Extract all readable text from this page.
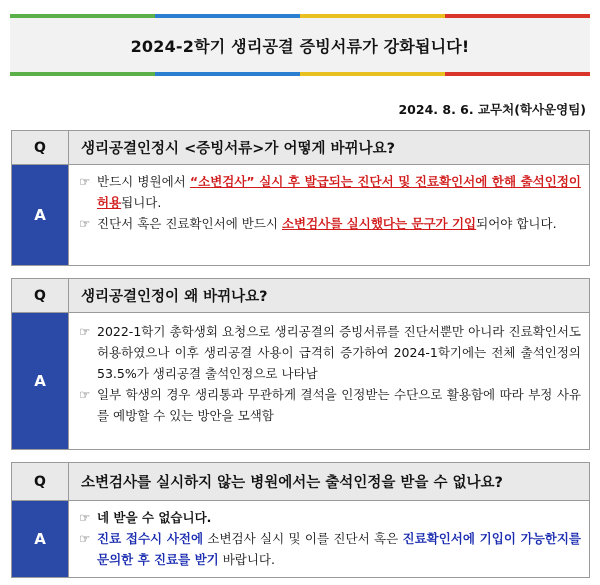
2024-2학기 생리공결 증빙서류가 강화됩니다!
2024. 8. 6. 교무처(학사운영팀)
Q	생리공결인정시 <증빙서류>가 어떻게 바뀌나요?
A
☞ 반드시 병원에서 “소변검사” 실시 후 발급되는 진단서 및 진료확인서에 한해 출석인정이 허용됩니다.
☞ 진단서 혹은 진료확인서에 반드시 소변검사를 실시했다는 문구가 기입되어야 합니다.
Q	생리공결인정이 왜 바뀌나요?
A
☞ 2022-1학기 총학생회 요청으로 생리공결의 증빙서류를 진단서뿐만 아니라 진료확인서도 허용하였으나 이후 생리공결 사용이 급격히 증가하여 2024-1학기에는 전체 출석인정의 53.5%가 생리공결 출석인정으로 나타남
☞ 일부 학생의 경우 생리통과 무관하게 결석을 인정받는 수단으로 활용함에 따라 부정 사유를 예방할 수 있는 방안을 모색함
Q	소변검사를 실시하지 않는 병원에서는 출석인정을 받을 수 없나요?
A
☞ 네 받을 수 없습니다.
☞ 진료 접수시 사전에 소변검사 실시 및 이를 진단서 혹은 진료확인서에 기입이 가능한지를 문의한 후 진료를 받기 바랍니다.
